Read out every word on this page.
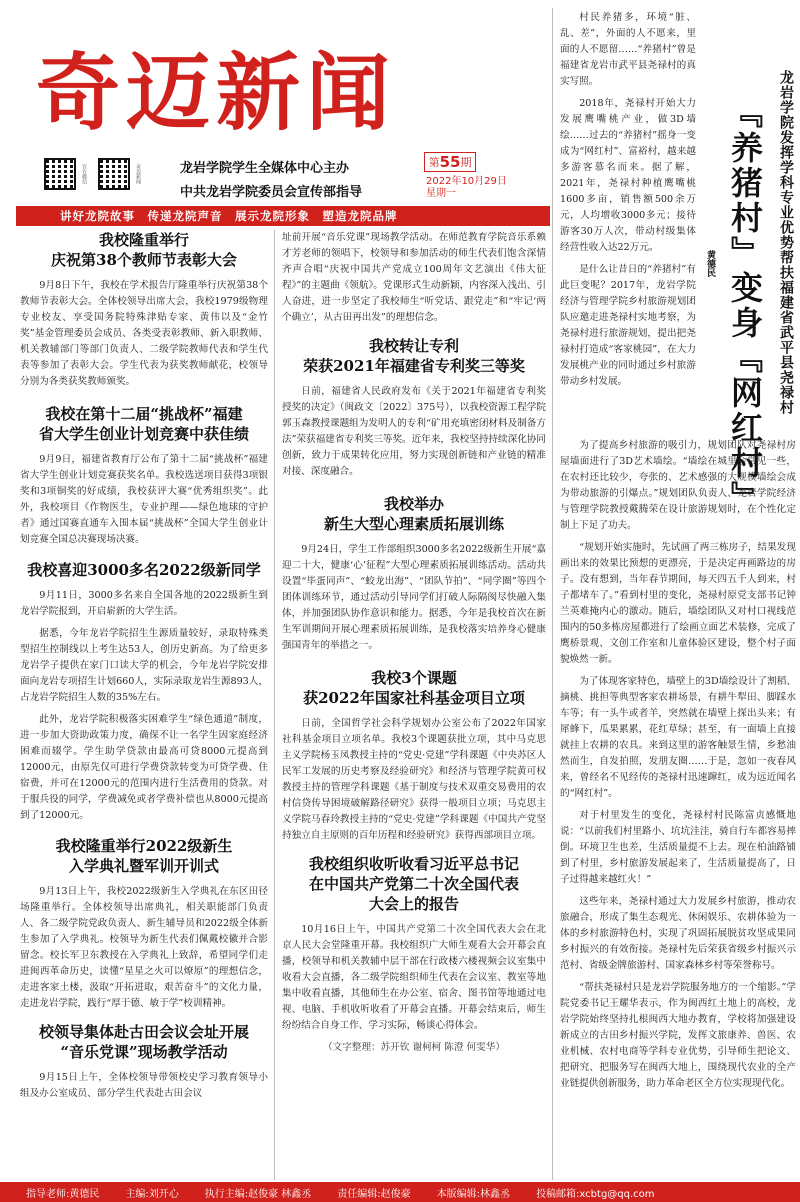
奇迈新闻
官方微信	奇迈新闻	龙岩学院学生全媒体中心主办
中共龙岩学院委员会宣传部指导
第 55 期
2022年10月29日
星期一
讲好龙院故事　传递龙院声音　展示龙院形象　塑造龙院品牌
我校隆重举行
庆祝第38个教师节表彰大会

9月8日下午，我校在学术报告厅隆重举行庆祝第38个教师节表彰大会。全体校领导出席大会，我校1979级物理专业校友、享受国务院特殊津贴专家、黄伟以及“金竹奖”基金管理委员会成员、各类受表彰教师、新入职教师、机关教辅部门等部门负责人、二级学院教师代表和学生代表等参加了表彰大会。学生代表为获奖教师献花，校领导分别为各类获奖教师颁奖。

我校在第十二届“挑战杯”福建
省大学生创业计划竞赛中获佳绩

9月9日，福建省教育厅公布了第十二届“挑战杯”福建省大学生创业计划竞赛获奖名单。我校选送项目获得3项银奖和3项铜奖的好成绩，我校获评大赛“优秀组织奖”。此外，我校项目《作物医生，专业护理——绿色地球的守护者》通过国赛直通车入围本届“挑战杯”全国大学生创业计划竞赛全国总决赛现场决赛。

我校喜迎3000多名2022级新同学

9月11日，3000多名来自全国各地的2022级新生到龙岩学院报到，开启崭新的大学生活。

据悉，今年龙岩学院招生生源质量较好，录取特殊类型招生控制线以上考生达53人，创历史新高。为了给更多龙岩学子提供在家门口读大学的机会，今年龙岩学院安排面向龙岩专项招生计划660人，实际录取龙岩生源893人，占龙岩学院招生人数的35%左右。

此外，龙岩学院积极落实困难学生“绿色通道”制度，进一步加大资助政策力度，确保不让一名学生因家庭经济困难而辍学。学生助学贷款由最高可贷8000元提高到12000元，由原先仅可进行学费贷款转变为可贷学费、住宿费，并可在12000元的范围内进行生活费用的贷款。对于服兵役的同学，学费减免或者学费补偿也从8000元提高到了12000元。

我校隆重举行2022级新生
入学典礼暨军训开训式

9月13日上午，我校2022级新生入学典礼在东区田径场隆重举行。全体校领导出席典礼，相关职能部门负责人、各二级学院党政负责人、新生辅导员和2022级全体新生参加了入学典礼。校领导为新生代表们佩戴校徽并合影留念。校长军卫东教授在入学典礼上致辞，希望同学们走进闽西革命历史，读懂“星星之火可以燎原”的理想信念，走进客家土楼，汲取“开拓进取，艰苦奋斗”的文化力量，走进龙岩学院，践行“厚于德、敏于学”校训精神。

校领导集体赴古田会议会址开展
“音乐党课”现场教学活动

9月15日上午，全体校领导带领校史学习教育领导小组及办公室成员、部分学生代表赴古田会议

址前开展“音乐党课”现场教学活动。在师范教育学院音乐系赖才芳老师的领唱下，校领导和参加活动的师生代表们饱含深情齐声合唱“庆祝中国共产党成立100周年文艺演出《伟大征程》”的主题曲《领航》。党课形式生动新颖，内容深入浅出、引人奋进，进一步坚定了我校师生“听党话、跟党走”和“牢记‘两个确立’，从古田再出发”的理想信念。

我校转让专利
荣获2021年福建省专利奖三等奖

日前，福建省人民政府发布《关于2021年福建省专利奖授奖的决定》（闽政文〔2022〕375号），以我校资源工程学院郭玉森教授课题组为发明人的专利“矿用充填密闭材料及制备方法”荣获福建省专利奖三等奖。近年来，我校坚持持续深化协同创新，致力于成果转化应用，努力实现创新链和产业链的精准对接、深度融合。

我校举办
新生大型心理素质拓展训练

9月24日，学生工作部组织3000多名2022级新生开展“嘉迎二十大，健康‘心’征程”大型心理素质拓展训练活动。活动共设置“毕蛋同声”、“蛟龙出海”、“团队节拍”、“同学圈”等四个团体训练环节，通过活动引导同学们打破人际隔阂尽快融入集体，并加强团队协作意识和能力。据悉，今年是我校首次在新生军训期间开展心理素质拓展训练，是我校落实培养身心健康强国青年的举措之一。

我校3个课题
获2022年国家社科基金项目立项

日前，全国哲学社会科学规划办公室公布了2022年国家社科基金项目立项名单。我校3个课题获批立项，其中马克思主义学院杨玉凤教授主持的“党史·党建”学科课题《中央苏区人民军工发展的历史考察及经验研究》和经济与管理学院黄可权教授主持的管理学科课题《基于制度与技术双重交易费用的农村信贷传导困境破解路径研究》获得一般项目立项；马克思主义学院马春玲教授主持的“党史·党建”学科课题《中国共产党坚持独立自主原则的百年历程和经验研究》获得西部项目立项。

我校组织收听收看习近平总书记
在中国共产党第二十次全国代表
大会上的报告

10月16日上午，中国共产党第二十次全国代表大会在北京人民大会堂隆重开幕。我校组织广大师生观看大会开幕会直播，校领导和机关教辅中层干部在行政楼六楼视频会议室集中收看大会直播，各二级学院组织师生代表在会议室、教室等地集中收看直播，其他师生在办公室、宿舍、图书馆等地通过电视、电脑、手机收听收看了开幕会直播。开幕会结束后，师生纷纷结合自身工作、学习实际，畅谈心得体会。

（文字整理：苏开钦 谢柯柯 陈澄 何雯华）
龙岩学院发挥学科专业优势帮扶福建省武平县尧禄村
『养猪村』变身『网红村』
黄德民

村民养猪多，环境“脏、乱、差”，外面的人不愿来，里面的人不愿留……“养猪村”曾是福建省龙岩市武平县尧禄村的真实写照。

2018年，尧禄村开始大力发展鹰嘴桃产业，做3D墙绘……过去的“养猪村”摇身一变成为“网红村”、富裕村，越来越多游客慕名而来。据了解，2021年，尧禄村种植鹰嘴桃1600多亩，销售额500余万元，人均增收3000多元；接待游客30万人次，带动村级集体经营性收入达22万元。

是什么让昔日的“养猪村”有此巨变呢？2017年，龙岩学院经济与管理学院乡村旅游规划团队应邀走进尧禄村实地考察，为尧禄村进行旅游规划，提出把尧禄村打造成“客家桃园”，在大力发展桃产业的同时通过乡村旅游带动乡村发展。

为了提高乡村旅游的吸引力，规划团队对尧禄村房屋墙面进行了3D艺术墙绘。“墙绘在城里会常见一些，在农村还比较少，夸张的、艺术感强的大规模墙绘会成为带动旅游的引爆点。”规划团队负责人、龙岩学院经济与管理学院教授戴腾荣在设计旅游规划时，在个性化定制上下足了功夫。

“规划开始实施时，先试画了两三栋房子，结果发现画出来的效果比预想的更漂亮，于是决定再画路边的房子。没有想到，当年春节期间，每天四五千人到来，村子都堵车了。”看到村里的变化，尧禄村原党支部书记钟兰英难掩内心的激动。随后，墙绘团队又对村口视线范围内的50多栋房屋都进行了绘画立面艺术装修，完成了鹰桥景观、文创工作室和儿童体验区建设，整个村子面貌焕然一新。

为了体现客家特色，墙壁上的3D墙绘设计了割稻、摘桃、挑担等典型客家农耕场景，有耕牛犁田、脚踩水车等；有一头牛或者羊，突然就在墙壁上探出头来；有犀蜂下，瓜果累累，花红草绿；甚至，有一面墙上直接就挂上农耕的农具。来到这里的游客触景生情，乡愁油然而生，自发拍照，发朋友圈……于是，忽如一夜春风来，曾经名不见经传的尧禄村迅速蹿红，成为远近闻名的“网红村”。

对于村里发生的变化，尧禄村村民陈富贞感慨地说：“以前我们村里路小、坑坑洼洼，骑自行车都容易摔倒。环境卫生也差，生活质量提不上去。现在柏油路铺到了村里，乡村旅游发展起来了，生活质量提高了，日子过得越来越红火！”

这些年来，尧禄村通过大力发展乡村旅游，推动农旅融合，形成了集生态观光、休闲娱乐、农耕体验为一体的乡村旅游特色村，实现了巩固拓展脱贫攻坚成果同乡村振兴的有效衔接。尧禄村先后荣获省级乡村振兴示范村、省级金牌旅游村、国家森林乡村等荣誉称号。

“帮扶尧禄村只是龙岩学院服务地方的一个缩影。”学院党委书记王耀华表示，作为闽西红土地上的高校，龙岩学院始终坚持扎根闽西大地办教育，学校将加强建设新成立的古田乡村振兴学院，发挥文旅康养、兽医、农业机械、农村电商等学科专业优势，引导师生把论文、把研究、把服务写在闽西大地上，围绕现代农业的全产业链提供创新服务，助力革命老区全方位实现现代化。

指导老师:黄德民	主编:刘开心	执行主编:赵俊豪 林鑫丞	责任编辑:赵俊豪	本版编辑:林鑫丞	投稿邮箱:xcbtg@qq.com
